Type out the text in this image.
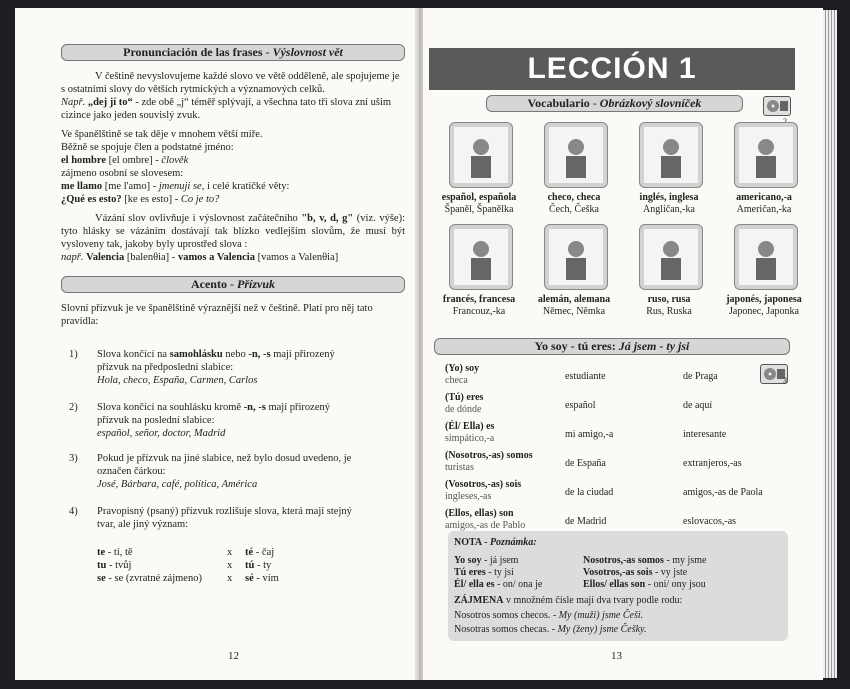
Pronunciación de las frases - Výslovnost vět

V češtině nevyslovujeme každé slovo ve větě odděleně, ale spojujeme je s ostatními slovy do větších rytmických a významových celků.

Např. „dej jí to“ - zde obě „j“ téměř splývají, a všechna tato tři slova zní ušim cizince jako jeden souvislý zvuk.

Ve španělštině se tak děje v mnohem větší míře.

Běžně se spojuje člen a podstatné jméno:

el hombre [el ombre] - člověk

zájmeno osobní se slovesem:

me llamo [me l'amo] - jmenuji se, i celé kratičké věty:

¿Qué es esto? [ke es esto] - Co je to?

Vázání slov ovlivňuje i výslovnost začátečního "b, v, d, g" (viz. výše): tyto hlásky se vázáním dostávají tak blízko vedlejším slovům, že musí být vysloveny tak, jakoby byly uprostřed slova :

např. Valencia [balenθia] - vamos a Valencia [vamos a Valenθia]

Acento - Přízvuk
Slovní přízvuk je ve španělštině výraznější než v češtině. Platí pro něj tato pravidla:
1) Slova končící na samohlásku nebo -n, -s mají přirozený přízvuk na předposlední slabice:

Hola, checo, España, Carmen, Carlos

2) Slova končící na souhlásku kromě -n, -s mají přirozený přízvuk na poslední slabice:

español, señor, doctor, Madrid

3) Pokud je přízvuk na jiné slabice, než bylo dosud uvedeno, je označen čárkou:

José, Bárbara, café, política, América

4) Pravopisný (psaný) přízvuk rozlišuje slova, která mají stejný tvar, ale jiný význam:

te - ti, tě	x té - čaj
tu - tvůj	x tú - ty
se - se (zvratné zájmeno) x sé - vím
12
LECCIÓN 1
Vocabulario - Obrázkový slovníček
español, española
Španěl, Španělka
checo, checa
Čech, Češka
inglés, inglesa
Angličan,-ka
americano,-a
Američan,-ka
francés, francesa
Francouz,-ka
alemán, alemana
Němec, Němka
ruso, rusa
Rus, Ruska
japonés, japonesa
Japonec, Japonka
Yo soy - tú eres: Já jsem - ty jsi
3
(Yo) soy
checa	estudiante	de Praga
(Tú) eres
de dónde	español	de aquí
(Él/ Ella) es
simpático,-a	mi amigo,-a	interesante
(Nosotros,-as) somos
turistas	de España	extranjeros,-as
(Vosotros,-as) sois
ingleses,-as	de la ciudad	amigos,-as de Paola
(Ellos, ellas) son
amigos,-as de Pablo	de Madrid	eslovacos,-as
NOTA - Poznámka:
Yo soy - já jsem	Nosotros,-as somos - my jsme
Tú eres - ty jsi	Vosotros,-as sois - vy jste
Él/ ella es - on/ ona je	Ellos/ ellas son - oni/ ony jsou
ZÁJMENA v množném čísle mají dva tvary podle rodu:
Nosotros somos checos. - My (muži) jsme Češi.
Nosotras somos checas. - My (ženy) jsme Češky.
13
